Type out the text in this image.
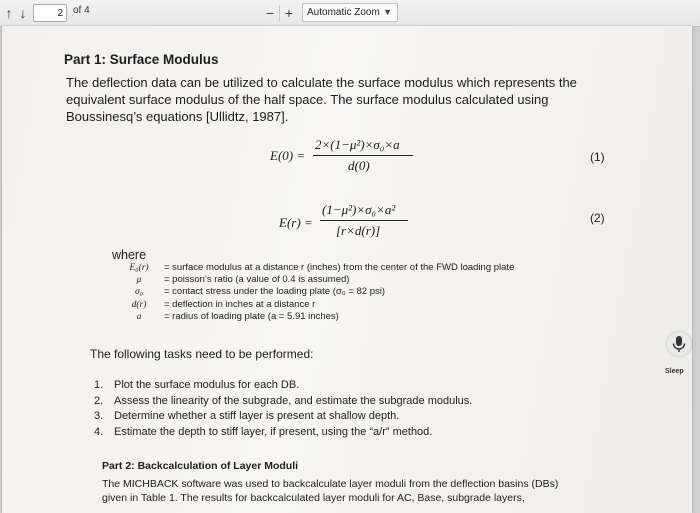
↑ ↓	2	of 4	− +	Automatic Zoom ▼
Part 1: Surface Modulus
The deflection data can be utilized to calculate the surface modulus which represents the equivalent surface modulus of the half space. The surface modulus calculated using Boussinesq’s equations [Ullidtz, 1987].
E(0) =
2×(1−μ²)×σ₀×a
d(0)
(1)
E(r) =
(1−μ²)×σ₀×a²
[r×d(r)]
(2)
where
E₀(r) = surface modulus at a distance r (inches) from the center of the FWD loading plate
μ = poisson’s ratio (a value of 0.4 is assumed)
σ₀ = contact stress under the loading plate (σ₀ = 82 psi)
d(r) = deflection in inches at a distance r
a = radius of loading plate (a = 5.91 inches)
The following tasks need to be performed:
1. Plot the surface modulus for each DB.
2. Assess the linearity of the subgrade, and estimate the subgrade modulus.
3. Determine whether a stiff layer is present at shallow depth.
4. Estimate the depth to stiff layer, if present, using the “a/r” method.
Part 2: Backcalculation of Layer Moduli
The MICHBACK software was used to backcalculate layer moduli from the deflection basins (DBs) given in Table 1. The results for backcalculated layer moduli for AC, Base, subgrade layers,
Sleep
